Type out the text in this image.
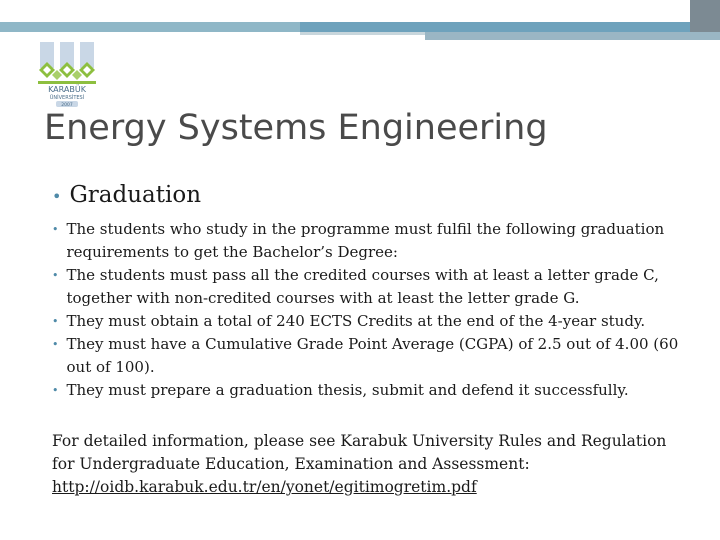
KARABÜK
ÜNİVERSİTESİ
2007
Energy Systems Engineering
• Graduation
• The students who study in the programme must fulfil the following graduation requirements to get the Bachelor’s Degree:
• The students must pass all the credited courses with at least a letter grade C, together with non-credited courses with at least the letter grade G.
• They must obtain a total of 240 ECTS Credits at the end of the 4-year study.
• They must have a Cumulative Grade Point Average (CGPA) of 2.5 out of 4.00 (60 out of 100).
• They must prepare a graduation thesis, submit and defend it successfully.
For detailed information, please see Karabuk University Rules and Regulation for Undergraduate Education, Examination and Assessment:
http://oidb.karabuk.edu.tr/en/yonet/egitimogretim.pdf
